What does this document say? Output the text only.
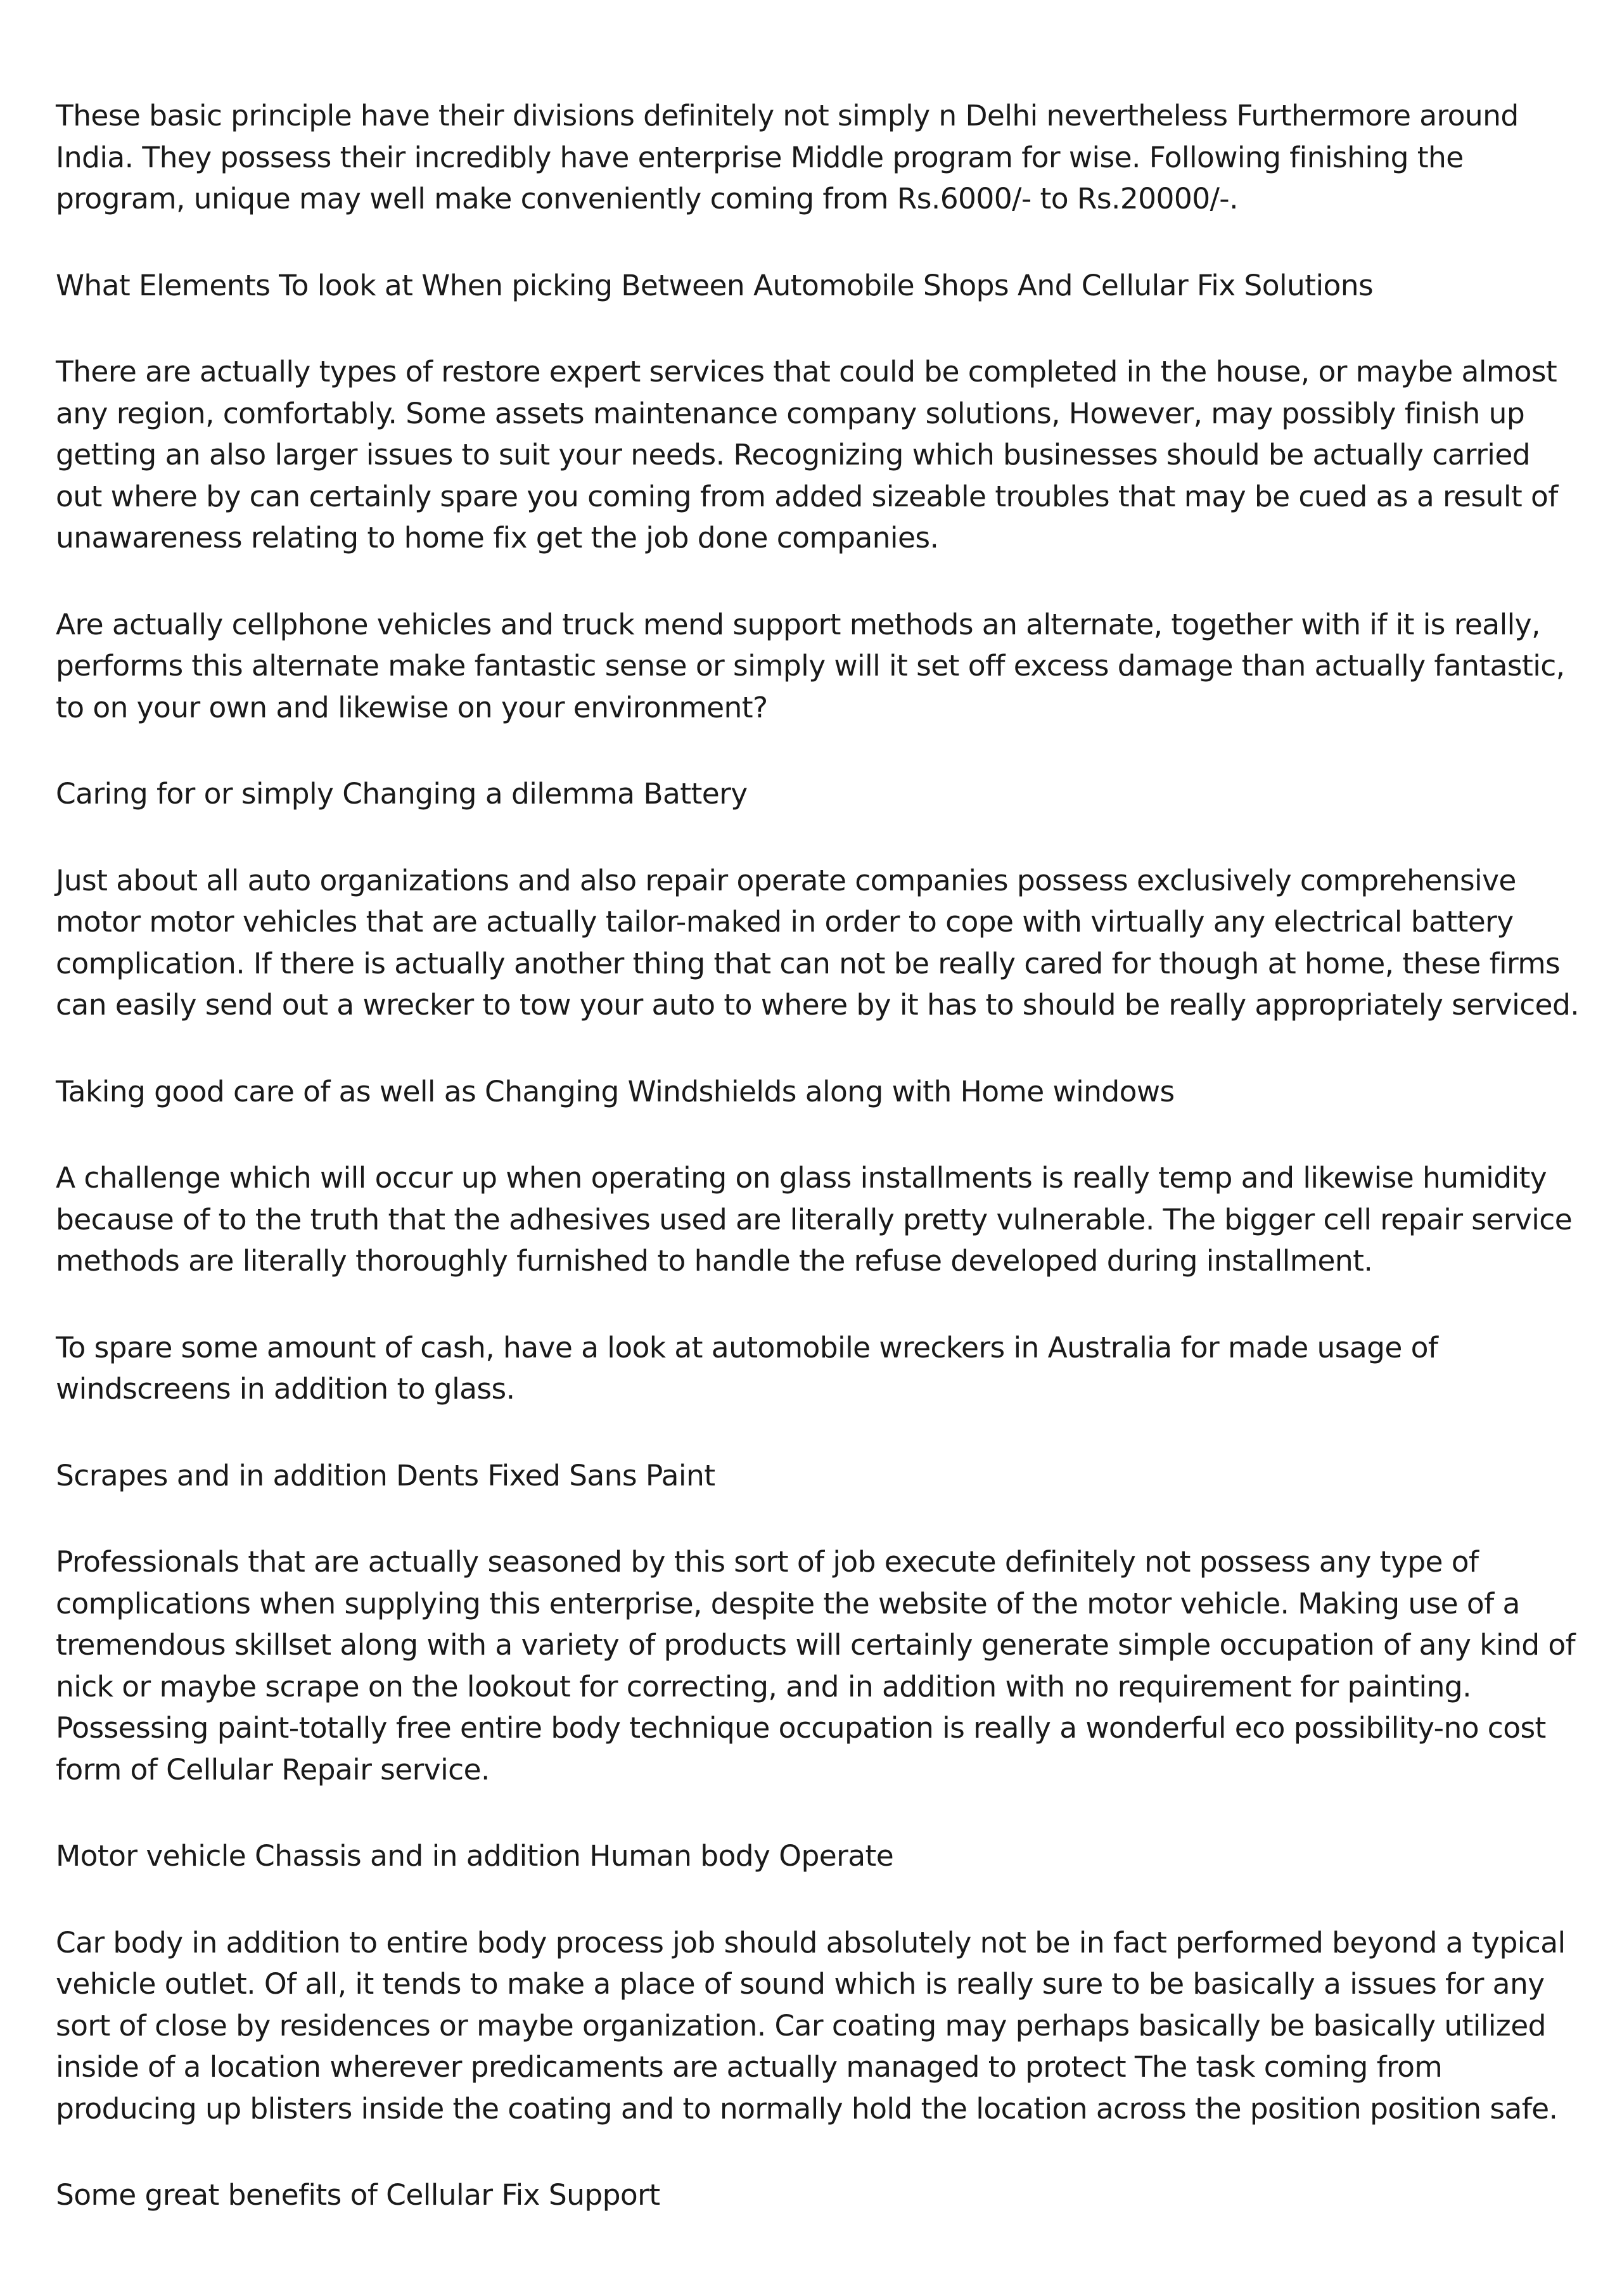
These basic principle have their divisions definitely not simply n Delhi nevertheless Furthermore around India. They possess their incredibly have enterprise Middle program for wise. Following finishing the program, unique may well make conveniently coming from Rs.6000/- to Rs.20000/-.

What Elements To look at When picking Between Automobile Shops And Cellular Fix Solutions

There are actually types of restore expert services that could be completed in the house, or maybe almost any region, comfortably. Some assets maintenance company solutions, However, may possibly finish up getting an also larger issues to suit your needs. Recognizing which businesses should be actually carried out where by can certainly spare you coming from added sizeable troubles that may be cued as a result of unawareness relating to home fix get the job done companies.

Are actually cellphone vehicles and truck mend support methods an alternate, together with if it is really, performs this alternate make fantastic sense or simply will it set off excess damage than actually fantastic, to on your own and likewise on your environment?

Caring for or simply Changing a dilemma Battery

Just about all auto organizations and also repair operate companies possess exclusively comprehensive motor motor vehicles that are actually tailor-maked in order to cope with virtually any electrical battery complication. If there is actually another thing that can not be really cared for though at home, these firms can easily send out a wrecker to tow your auto to where by it has to should be really appropriately serviced.

Taking good care of as well as Changing Windshields along with Home windows

A challenge which will occur up when operating on glass installments is really temp and likewise humidity because of to the truth that the adhesives used are literally pretty vulnerable. The bigger cell repair service methods are literally thoroughly furnished to handle the refuse developed during installment.

To spare some amount of cash, have a look at automobile wreckers in Australia for made usage of windscreens in addition to glass.

Scrapes and in addition Dents Fixed Sans Paint

Professionals that are actually seasoned by this sort of job execute definitely not possess any type of complications when supplying this enterprise, despite the website of the motor vehicle. Making use of a tremendous skillset along with a variety of products will certainly generate simple occupation of any kind of nick or maybe scrape on the lookout for correcting, and in addition with no requirement for painting. Possessing paint-totally free entire body technique occupation is really a wonderful eco possibility-no cost form of Cellular Repair service.

Motor vehicle Chassis and in addition Human body Operate

Car body in addition to entire body process job should absolutely not be in fact performed beyond a typical vehicle outlet. Of all, it tends to make a place of sound which is really sure to be basically a issues for any sort of close by residences or maybe organization. Car coating may perhaps basically be basically utilized inside of a location wherever predicaments are actually managed to protect The task coming from producing up blisters inside the coating and to normally hold the location across the position position safe.

Some great benefits of Cellular Fix Support
